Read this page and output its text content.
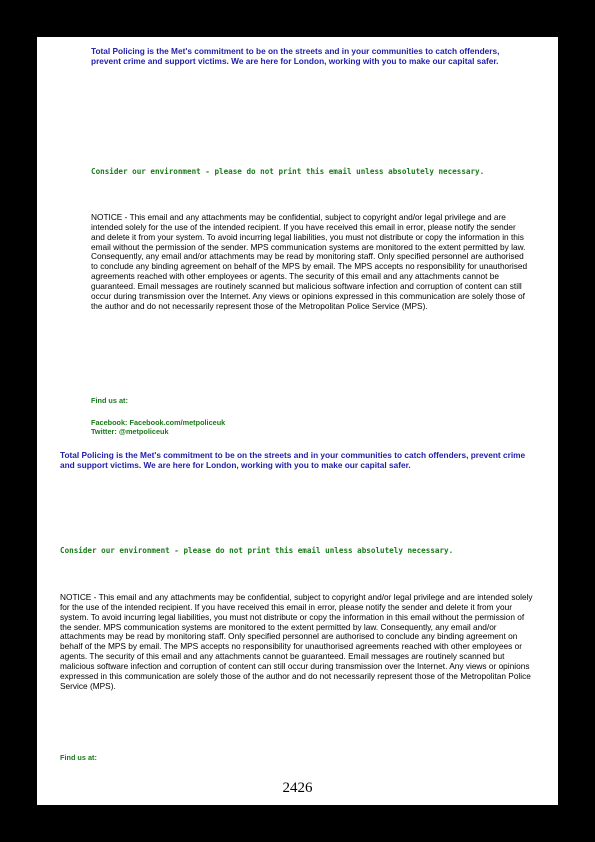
Total Policing is the Met's commitment to be on the streets and in your communities to catch offenders, prevent crime and support victims. We are here for London, working with you to make our capital safer.

Consider our environment - please do not print this email unless absolutely necessary.

NOTICE - This email and any attachments may be confidential, subject to copyright and/or legal privilege and are intended solely for the use of the intended recipient. If you have received this email in error, please notify the sender and delete it from your system. To avoid incurring legal liabilities, you must not distribute or copy the information in this email without the permission of the sender. MPS communication systems are monitored to the extent permitted by law. Consequently, any email and/or attachments may be read by monitoring staff. Only specified personnel are authorised to conclude any binding agreement on behalf of the MPS by email. The MPS accepts no responsibility for unauthorised agreements reached with other employees or agents. The security of this email and any attachments cannot be guaranteed. Email messages are routinely scanned but malicious software infection and corruption of content can still occur during transmission over the Internet. Any views or opinions expressed in this communication are solely those of the author and do not necessarily represent those of the Metropolitan Police Service (MPS).

Find us at:

Facebook: Facebook.com/metpoliceuk

Twitter: @metpoliceuk

Total Policing is the Met's commitment to be on the streets and in your communities to catch offenders, prevent crime and support victims. We are here for London, working with you to make our capital safer.

Consider our environment - please do not print this email unless absolutely necessary.

NOTICE - This email and any attachments may be confidential, subject to copyright and/or legal privilege and are intended solely for the use of the intended recipient. If you have received this email in error, please notify the sender and delete it from your system. To avoid incurring legal liabilities, you must not distribute or copy the information in this email without the permission of the sender. MPS communication systems are monitored to the extent permitted by law. Consequently, any email and/or attachments may be read by monitoring staff. Only specified personnel are authorised to conclude any binding agreement on behalf of the MPS by email. The MPS accepts no responsibility for unauthorised agreements reached with other employees or agents. The security of this email and any attachments cannot be guaranteed. Email messages are routinely scanned but malicious software infection and corruption of content can still occur during transmission over the Internet. Any views or opinions expressed in this communication are solely those of the author and do not necessarily represent those of the Metropolitan Police Service (MPS).

Find us at:

2426
